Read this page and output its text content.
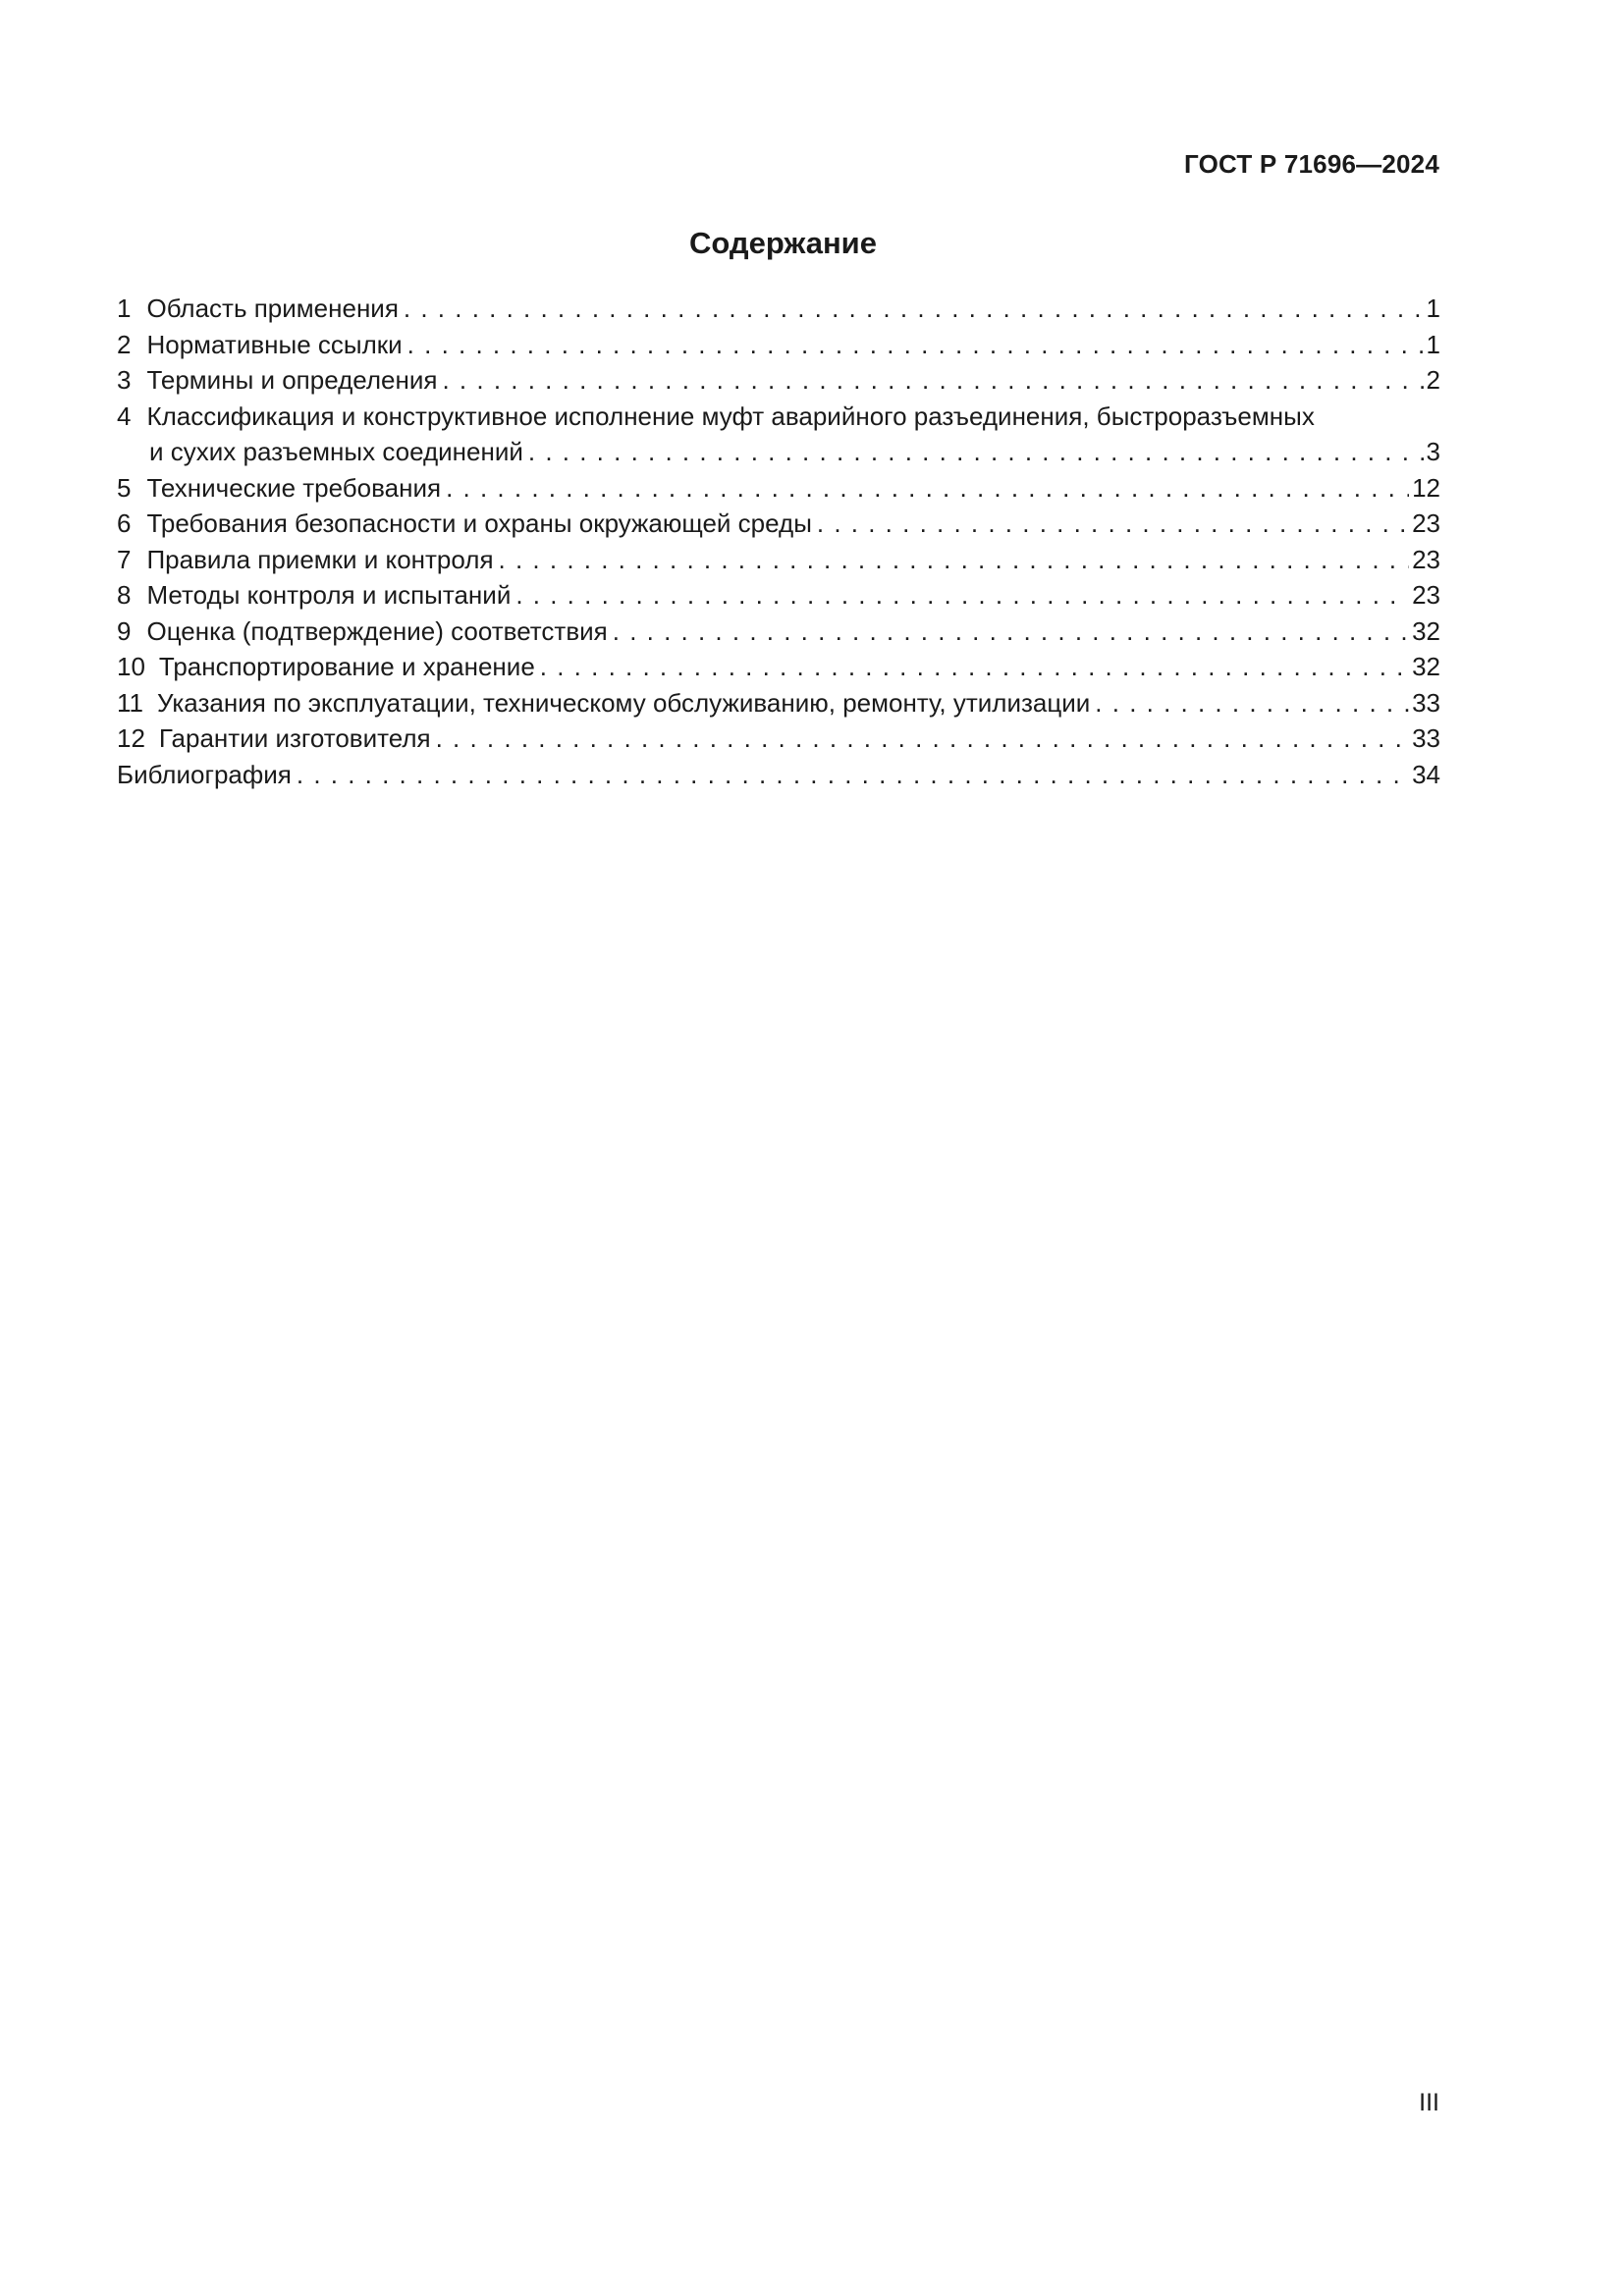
ГОСТ Р 71696—2024
Содержание
1 Область применения . . .	1
2 Нормативные ссылки . . .	1
3 Термины и определения . . .	2
4 Классификация и конструктивное исполнение муфт аварийного разъединения, быстроразъемных
и сухих разъемных соединений . . .	3
5 Технические требования . . .	12
6 Требования безопасности и охраны окружающей среды . . .	23
7 Правила приемки и контроля . . .	23
8 Методы контроля и испытаний . . .	23
9 Оценка (подтверждение) соответствия . . .	32
10 Транспортирование и хранение . . .	32
11 Указания по эксплуатации, техническому обслуживанию, ремонту, утилизации . . .	33
12 Гарантии изготовителя . . .	33
Библиография . . .	34
III
